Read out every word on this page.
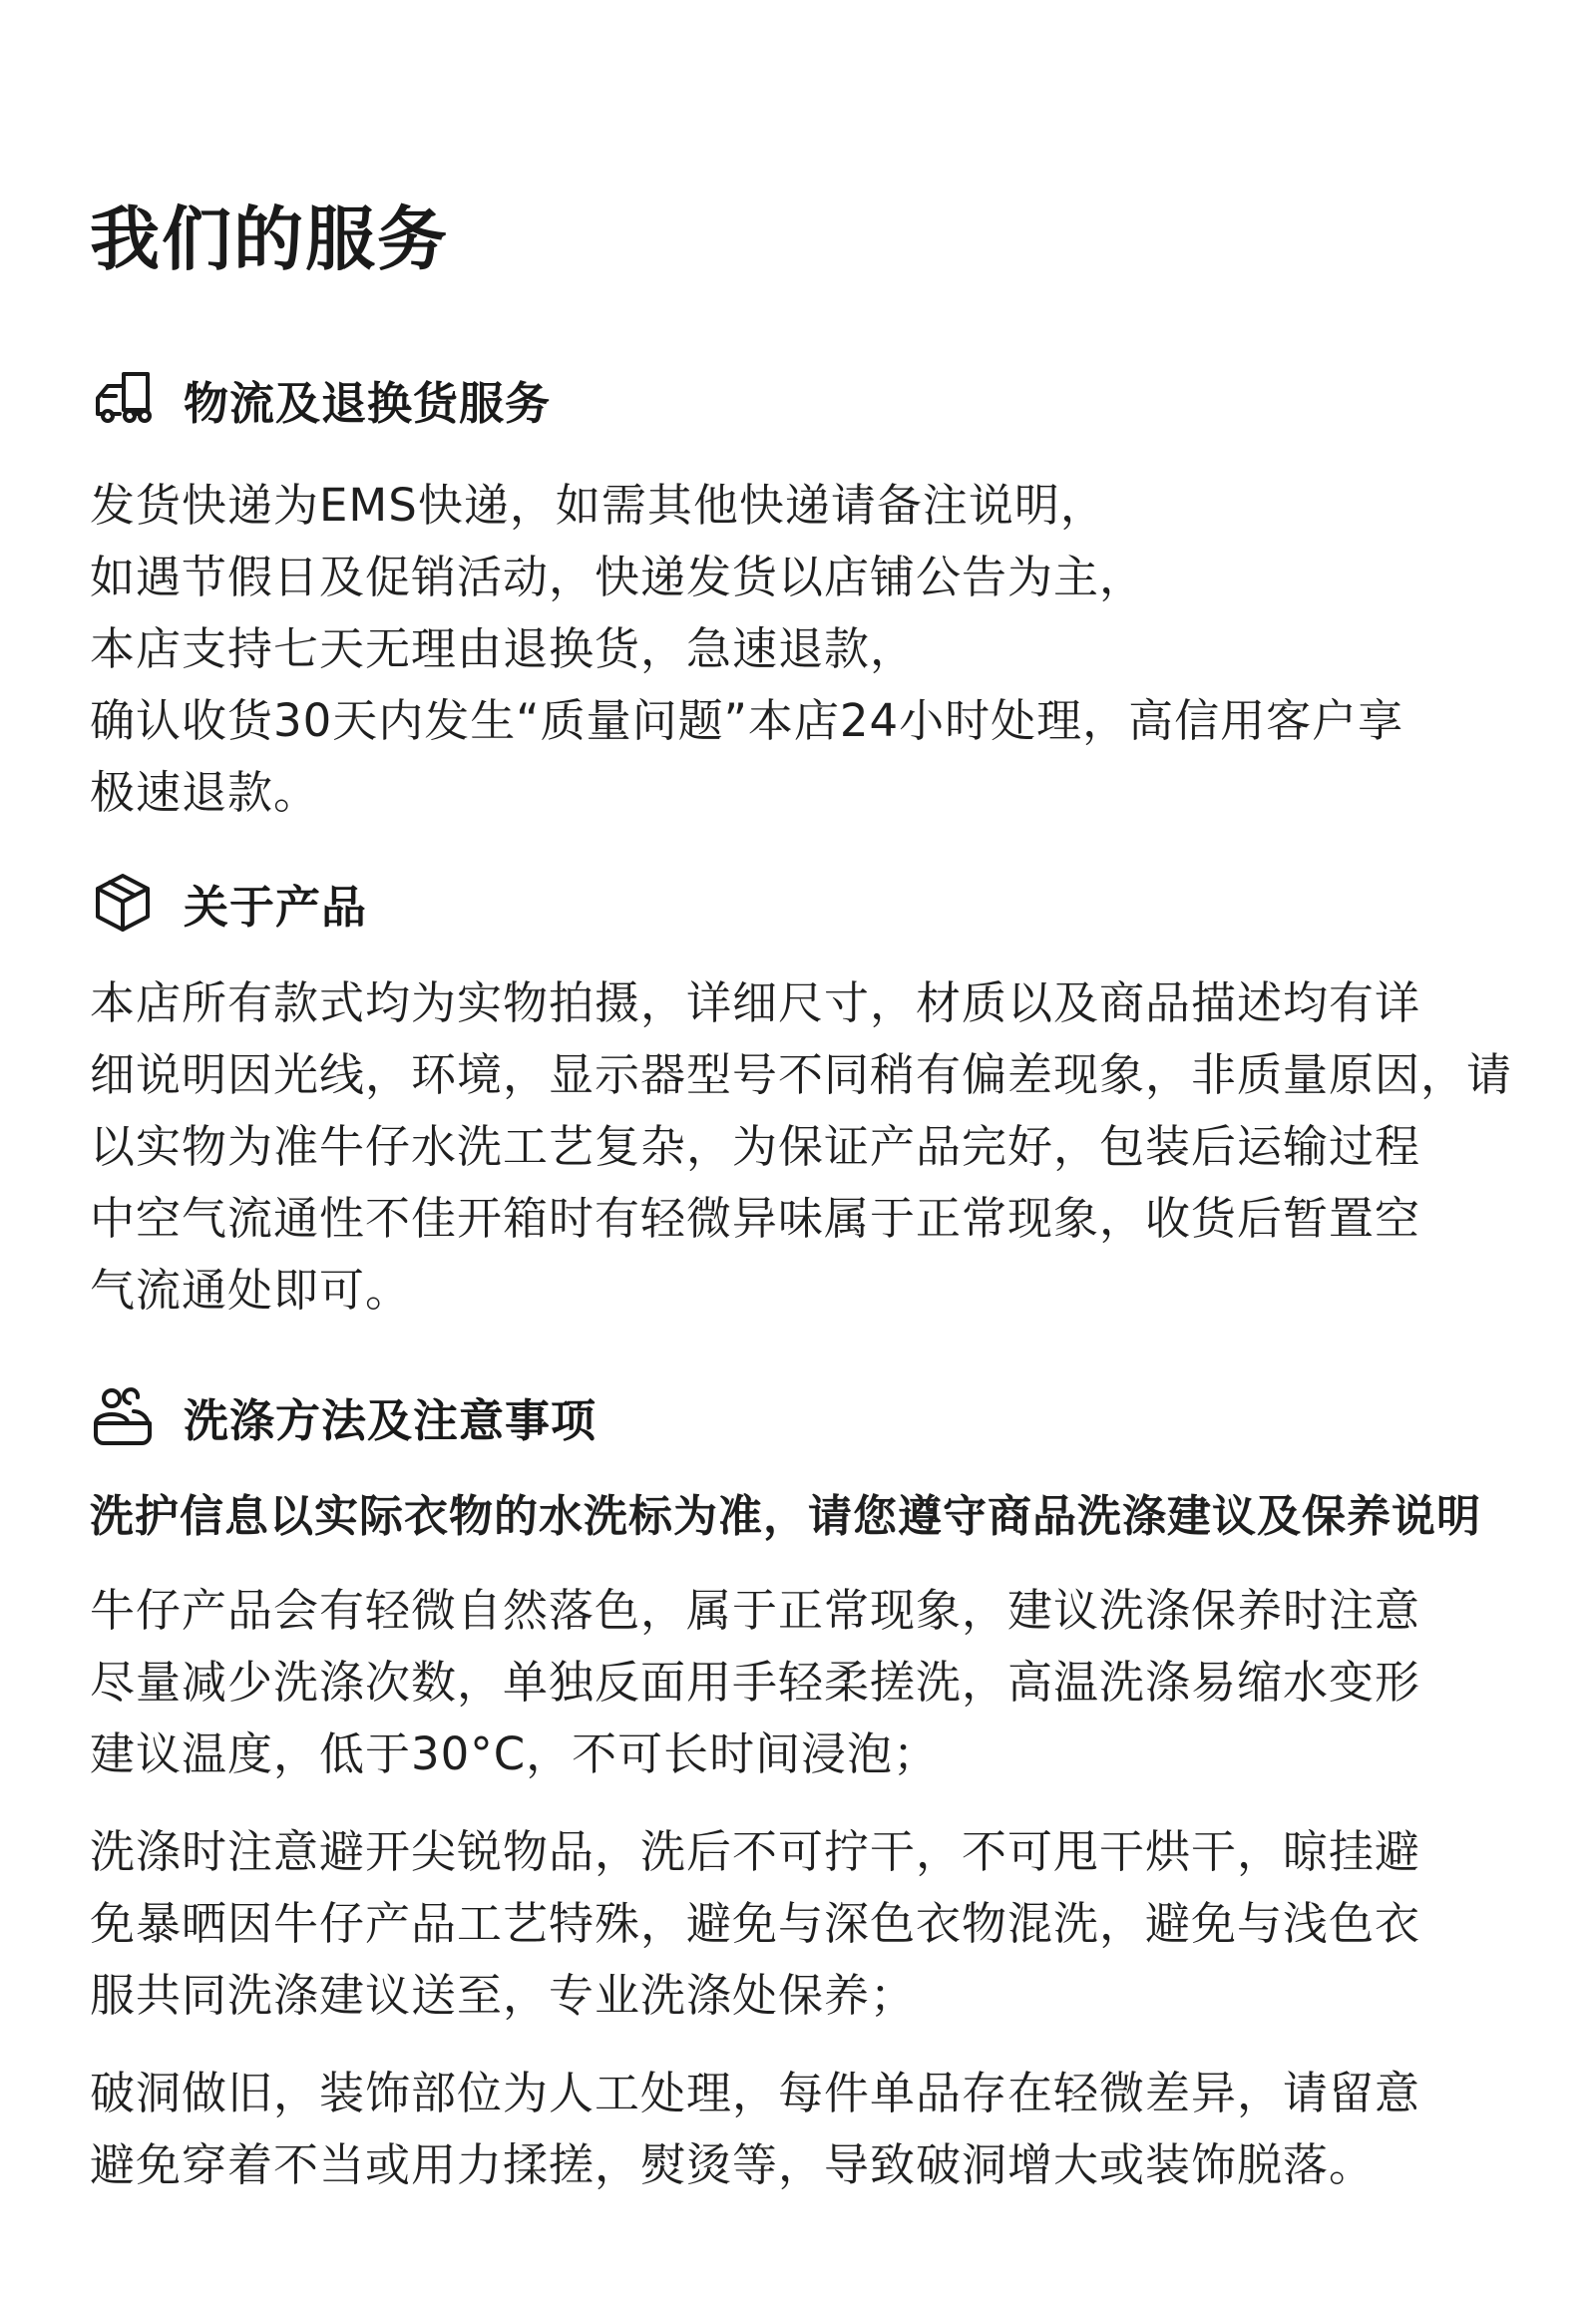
我们的服务
物流及退换货服务

发货快递为EMS快递，如需其他快递请备注说明，
如遇节假日及促销活动，快递发货以店铺公告为主，
本店支持七天无理由退换货，急速退款，
确认收货30天内发生“质量问题”本店24小时处理，高信用客户享
极速退款。

关于产品

本店所有款式均为实物拍摄，详细尺寸，材质以及商品描述均有详
细说明因光线，环境，显示器型号不同稍有偏差现象，非质量原因，请
以实物为准牛仔水洗工艺复杂，为保证产品完好，包装后运输过程
中空气流通性不佳开箱时有轻微异味属于正常现象，收货后暂置空
气流通处即可。

洗涤方法及注意事项

洗护信息以实际衣物的水洗标为准，请您遵守商品洗涤建议及保养说明

牛仔产品会有轻微自然落色，属于正常现象，建议洗涤保养时注意
尽量减少洗涤次数，单独反面用手轻柔搓洗，高温洗涤易缩水变形
建议温度，低于30°C，不可长时间浸泡；

洗涤时注意避开尖锐物品，洗后不可拧干，不可甩干烘干，晾挂避
免暴晒因牛仔产品工艺特殊，避免与深色衣物混洗，避免与浅色衣
服共同洗涤建议送至，专业洗涤处保养；

破洞做旧，装饰部位为人工处理，每件单品存在轻微差异，请留意
避免穿着不当或用力揉搓，熨烫等，导致破洞增大或装饰脱落。
